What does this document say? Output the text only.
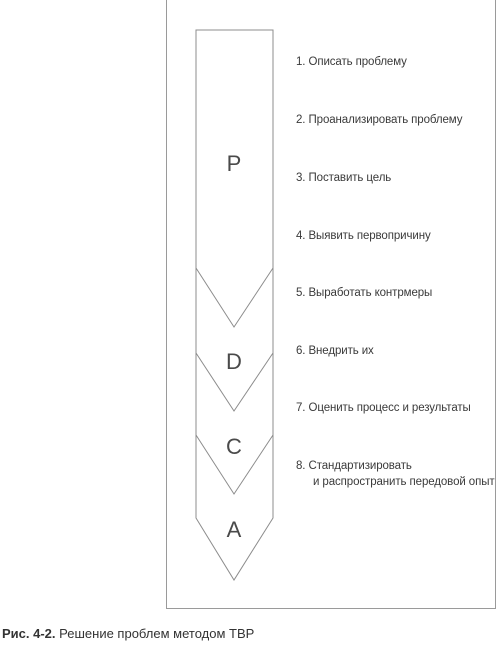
P
D
C
A
1. Описать проблему
2. Проанализировать проблему
3. Поставить цель
4. Выявить первопричину
5. Выработать контрмеры
6. Внедрить их
7. Оценить процесс и результаты
8. Стандартизировать
и распространить передовой опыт
Рис. 4-2. Решение проблем методом TBP
